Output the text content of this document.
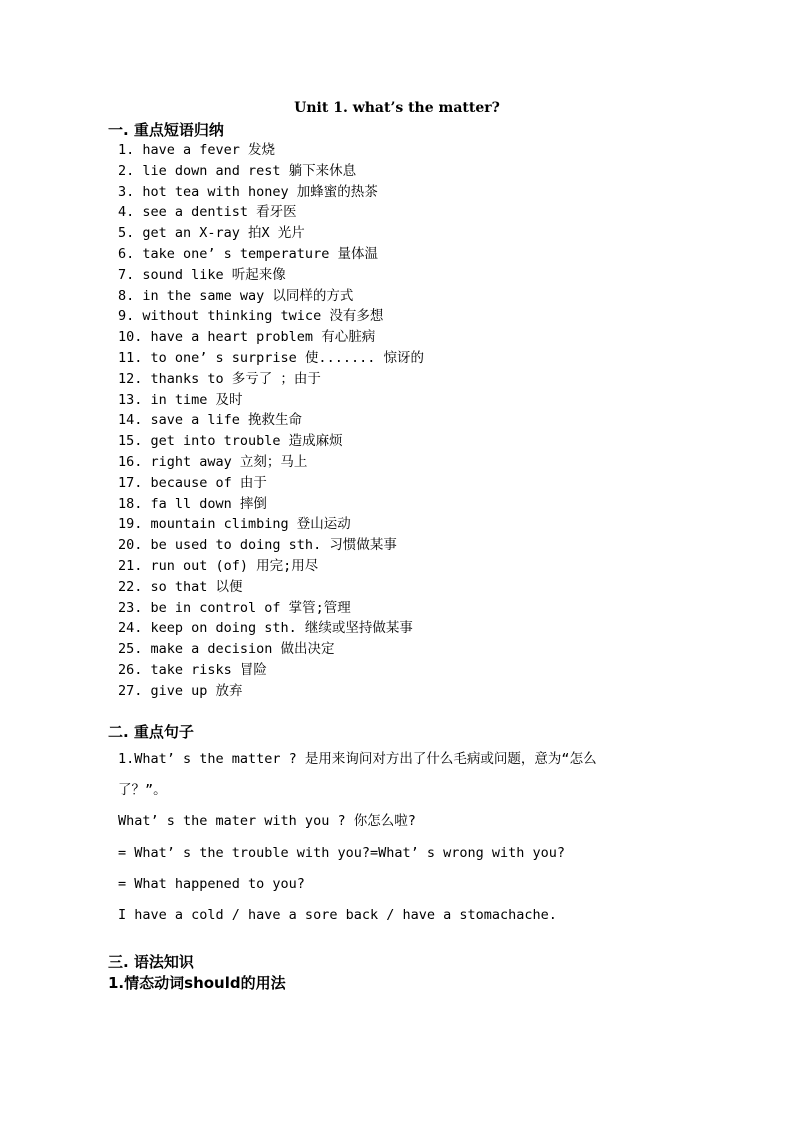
Unit 1. what’s the matter?
一. 重点短语归纳
1. have a fever 发烧
2. lie down and rest 躺下来休息
3. hot tea with honey 加蜂蜜的热茶
4. see a dentist 看牙医
5. get an X-ray 拍X 光片
6. take one’ s temperature 量体温
7. sound like 听起来像
8. in the same way 以同样的方式
9. without thinking twice 没有多想
10. have a heart problem 有心脏病
11. to one’ s surprise 使....... 惊讶的
12. thanks to 多亏了 ；由于
13. in time 及时
14. save a life 挽救生命
15. get into trouble 造成麻烦
16. right away 立刻；马上
17. because of 由于
18. fa ll down 摔倒
19. mountain climbing 登山运动
20. be used to doing sth. 习惯做某事
21. run out (of) 用完;用尽
22. so that 以便
23. be in control of 掌管;管理
24. keep on doing sth. 继续或坚持做某事
25. make a decision 做出决定
26. take risks 冒险
27. give up 放弃
二. 重点句子
1.What’ s the matter ? 是用来询问对方出了什么毛病或问题，意为“怎么
了？”。
What’ s the mater with you ? 你怎么啦?
= What’ s the trouble with you?=What’ s wrong with you?
= What happened to you?
I have a cold / have a sore back / have a stomachache.
三. 语法知识
1.情态动词should的用法
